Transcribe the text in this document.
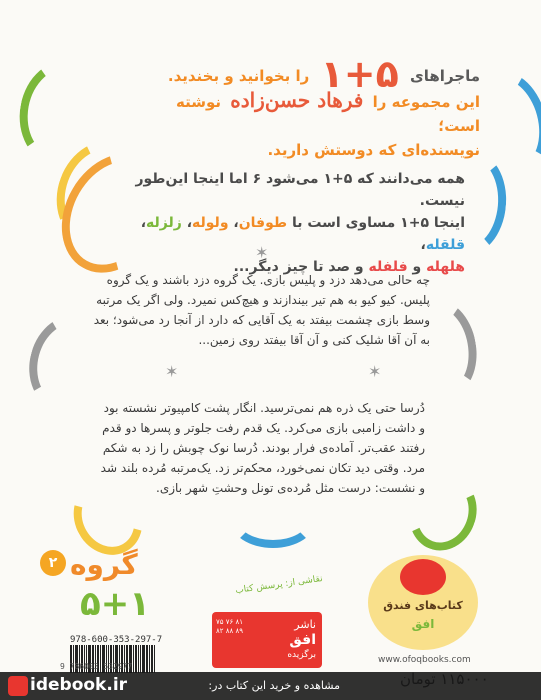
✶
✶	✶
ماجراهای ۵+۱ را بخوانید و بخندید.
این مجموعه را فرهاد حسن‌زاده نوشته است؛
نویسنده‌ای که دوستش دارید.
همه می‌دانند که ۵+۱ می‌شود ۶ اما اینجا این‌طور نیست.
اینجا ۵+۱ مساوی است با طوفان، ولوله، زلزله، قلقله،
هلهله و فلفله و صد تا چیز دیگر...
چه حالی می‌دهد دزد و پلیس بازی. یک گروه دزد باشند و یک گروه پلیس. کیو کیو به هم تیر بیندازند و هیچ‌کس نمیرد. ولی اگر یک مرتبه وسط بازی چشمت بیفتد به یک آقایی که دارد از آنجا رد می‌شود؛ بعد به آن آقا شلیک کنی و آن آقا بیفتد روی زمین...
دُرسا حتی یک ذره هم نمی‌ترسید. انگار پشت کامپیوتر نشسته بود و داشت زامبی بازی می‌کرد. یک قدم رفت جلوتر و پسرها دو قدم رفتند عقب‌تر. آماده‌ی فرار بودند. دُرسا نوک چوبش را زد به شکم مرد. وقتی دید تکان نمی‌خورد، محکم‌تر زد. یک‌مرتبه مُرده بلند شد و نشست: درست مثل مُرده‌ی تونل وحشتِ شهر بازی.
نقاشی از: پرسش کتاب
۲ گروه
۵+۱	کتاب‌های فندق
افق
978-600-353-297-7
۷۵ ۷۶ ۸۱ ۸۲ ۸۸ ۸۹	ناشر
افق
برگزیده	www.ofoqbooks.com
idebook.ir	مشاهده و خرید این کتاب در:
9 786003 532977
